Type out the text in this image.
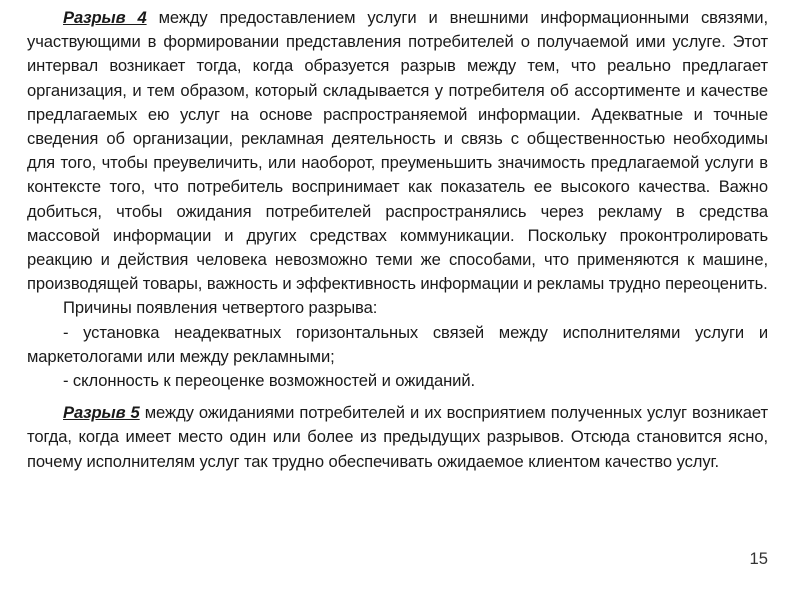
Разрыв 4 между предоставлением услуги и внешними информационными связями, участвующими в формировании представления потребителей о получаемой ими услуге. Этот интервал возникает тогда, когда образуется разрыв между тем, что реально предлагает организация, и тем образом, который складывается у потребителя об ассортименте и качестве предлагаемых ею услуг на основе распространяемой информации. Адекватные и точные сведения об организации, рекламная деятельность и связь с общественностью необходимы для того, чтобы преувеличить, или наоборот, преуменьшить значимость предлагаемой услуги в контексте того, что потребитель воспринимает как показатель ее высокого качества. Важно добиться, чтобы ожидания потребителей распространялись через рекламу в средства массовой информации и других средствах коммуникации. Поскольку проконтролировать реакцию и действия человека невозможно теми же способами, что применяются к машине, производящей товары, важность и эффективность информации и рекламы трудно переоценить.

Причины появления четвертого разрыва:

- установка неадекватных горизонтальных связей между исполнителями услуги и маркетологами или между рекламными;

- склонность к переоценке возможностей и ожиданий.

Разрыв 5 между ожиданиями потребителей и их восприятием полученных услуг возникает тогда, когда имеет место один или более из предыдущих разрывов. Отсюда становится ясно, почему исполнителям услуг так трудно обеспечивать ожидаемое клиентом качество услуг.

15
